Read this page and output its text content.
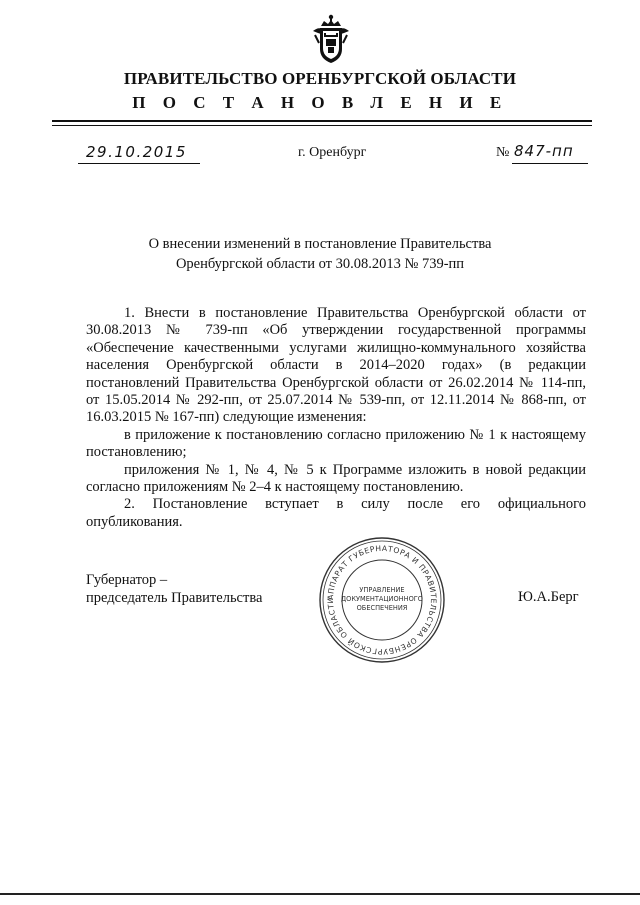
ПРАВИТЕЛЬСТВО ОРЕНБУРГСКОЙ ОБЛАСТИ
П О С Т А Н О В Л Е Н И Е
29.10.2015	г. Оренбург	№ 847-пп
О внесении изменений в постановление Правительства
Оренбургской области от 30.08.2013 № 739-пп

1. Внести в постановление Правительства Оренбургской области от 30.08.2013 № 739-пп «Об утверждении государственной программы «Обеспечение качественными услугами жилищно-коммунального хозяйства населения Оренбургской области в 2014–2020 годах» (в редакции постановлений Правительства Оренбургской области от 26.02.2014 № 114-пп, от 15.05.2014 № 292-пп, от 25.07.2014 № 539-пп, от 12.11.2014 № 868-пп, от 16.03.2015 № 167-пп) следующие изменения:

в приложение к постановлению согласно приложению № 1 к настоящему постановлению;

приложения № 1, № 4, № 5 к Программе изложить в новой редакции согласно приложениям № 2–4 к настоящему постановлению.

2. Постановление вступает в силу после его официального опубликования.

Губернатор –
председатель Правительства	Ю.А.Берг
АППАРАТ ГУБЕРНАТОРА И ПРАВИТЕЛЬСТВА ОРЕНБУРГСКОЙ ОБЛАСТИ
УПРАВЛЕНИЕ
ДОКУМЕНТАЦИОННОГО
ОБЕСПЕЧЕНИЯ
